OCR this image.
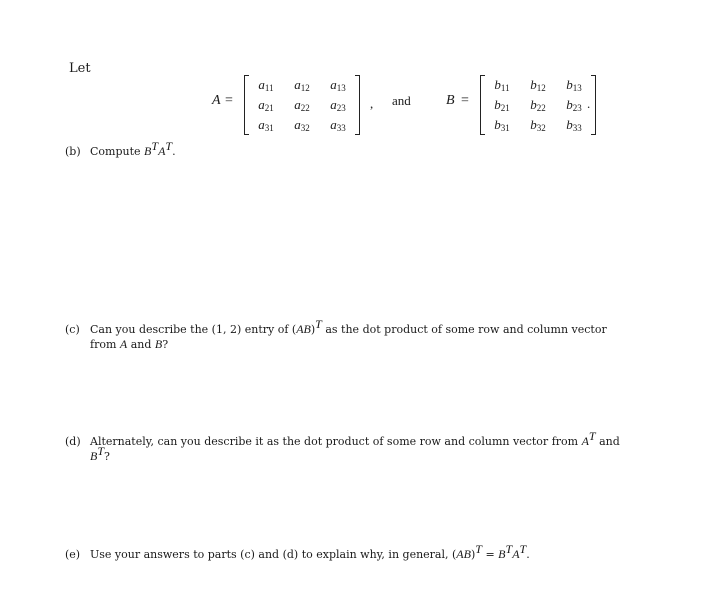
Let
A =
$a_{11}$	$a_{12}$	$a_{13}$
$a_{21}$	$a_{22}$	$a_{23}$
$a_{31}$	$a_{32}$	$a_{33}$
, and	B =
$b_{11}$	$b_{12}$	$b_{13}$
$b_{21}$	$b_{22}$	$b_{23}$
$b_{31}$	$b_{32}$	$b_{33}$
.
(b) Compute $B^TA^T$.
(c) Can you describe the (1, 2) entry of (AB)$^T$ as the dot product of some row and column vector
from A and B?
(d) Alternately, can you describe it as the dot product of some row and column vector from $A^T$ and
$B^T$?
(e) Use your answers to parts (c) and (d) to explain why, in general, $(AB)^T = B^TA^T$.
